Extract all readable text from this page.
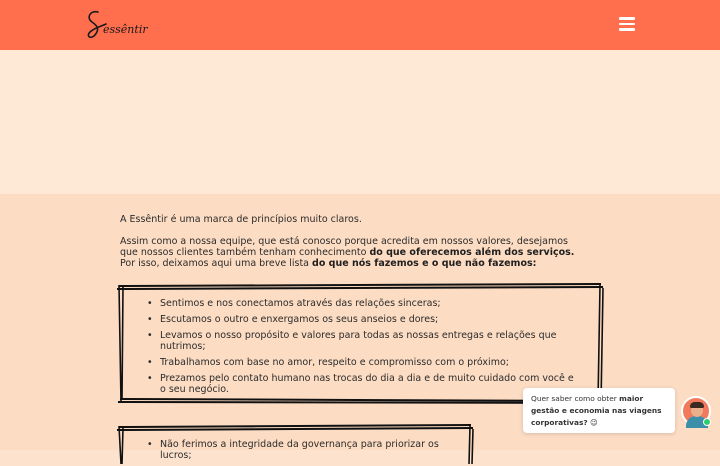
essêntir

A Essêntir é uma marca de princípios muito claros.

Assim como a nossa equipe, que está conosco porque acredita em nossos valores, desejamos que nossos clientes também tenham conhecimento do que oferecemos além dos serviços. Por isso, deixamos aqui uma breve lista do que nós fazemos e o que não fazemos:

• Sentimos e nos conectamos através das relações sinceras;
• Escutamos o outro e enxergamos os seus anseios e dores;
• Levamos o nosso propósito e valores para todas as nossas entregas e relações que nutrimos;
• Trabalhamos com base no amor, respeito e compromisso com o próximo;
• Prezamos pelo contato humano nas trocas do dia a dia e de muito cuidado com você e o seu negócio.
• Não ferimos a integridade da governança para priorizar os lucros;
Quer saber como obter maior gestão e economia nas viagens corporativas? 😉
